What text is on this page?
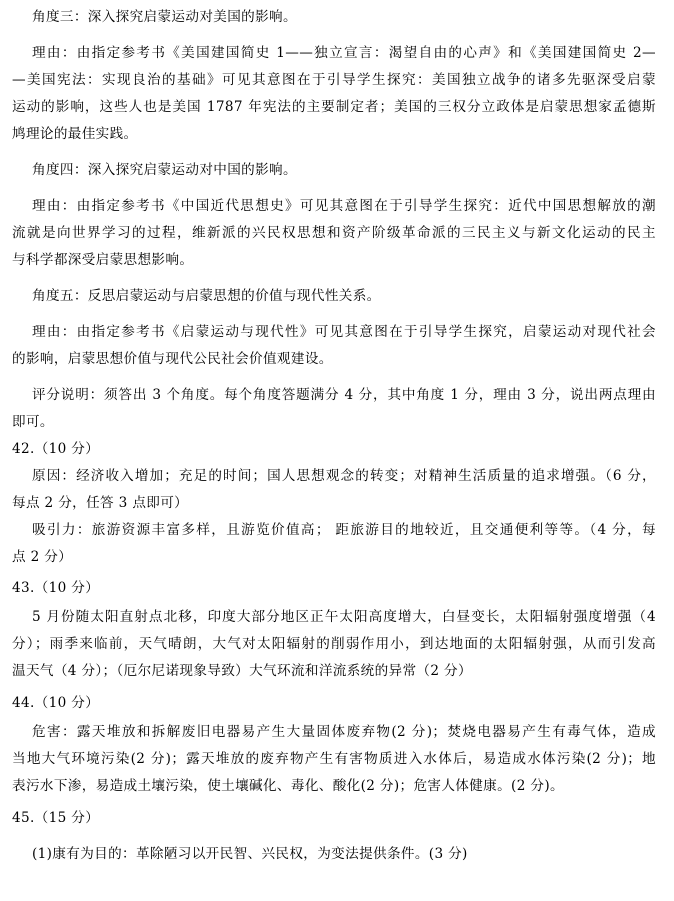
角度三：深入探究启蒙运动对美国的影响。
理由：由指定参考书《美国建国简史 1——独立宣言：渴望自由的心声》和《美国建国简史 2—
—美国宪法：实现良治的基础》可见其意图在于引导学生探究：美国独立战争的诸多先驱深受启蒙
运动的影响，这些人也是美国 1787 年宪法的主要制定者；美国的三权分立政体是启蒙思想家孟德斯
鸠理论的最佳实践。
角度四：深入探究启蒙运动对中国的影响。
理由：由指定参考书《中国近代思想史》可见其意图在于引导学生探究：近代中国思想解放的潮
流就是向世界学习的过程，维新派的兴民权思想和资产阶级革命派的三民主义与新文化运动的民主
与科学都深受启蒙思想影响。
角度五：反思启蒙运动与启蒙思想的价值与现代性关系。
理由：由指定参考书《启蒙运动与现代性》可见其意图在于引导学生探究，启蒙运动对现代社会
的影响，启蒙思想价值与现代公民社会价值观建设。
评分说明：须答出 3 个角度。每个角度答题满分 4 分，其中角度 1 分，理由 3 分，说出两点理由
即可。
42.（10 分）
原因：经济收入增加；充足的时间；国人思想观念的转变；对精神生活质量的追求增强。（6 分，
每点 2 分，任答 3 点即可）
吸引力：旅游资源丰富多样，且游览价值高； 距旅游目的地较近，且交通便利等等。（4 分，每
点 2 分）
43.（10 分）
5 月份随太阳直射点北移，印度大部分地区正午太阳高度增大，白昼变长，太阳辐射强度增强（4
分）；雨季来临前，天气晴朗，大气对太阳辐射的削弱作用小，到达地面的太阳辐射强，从而引发高
温天气（4 分）；（厄尔尼诺现象导致）大气环流和洋流系统的异常（2 分）
44.（10 分）
危害：露天堆放和拆解废旧电器易产生大量固体废弃物(2 分)；焚烧电器易产生有毒气体，造成
当地大气环境污染(2 分)；露天堆放的废弃物产生有害物质进入水体后，易造成水体污染(2 分)；地
表污水下渗，易造成土壤污染，使土壤碱化、毒化、酸化(2 分)；危害人体健康。(2 分)。
45.（15 分）
(1)康有为目的：革除陋习以开民智、兴民权，为变法提供条件。(3 分)
